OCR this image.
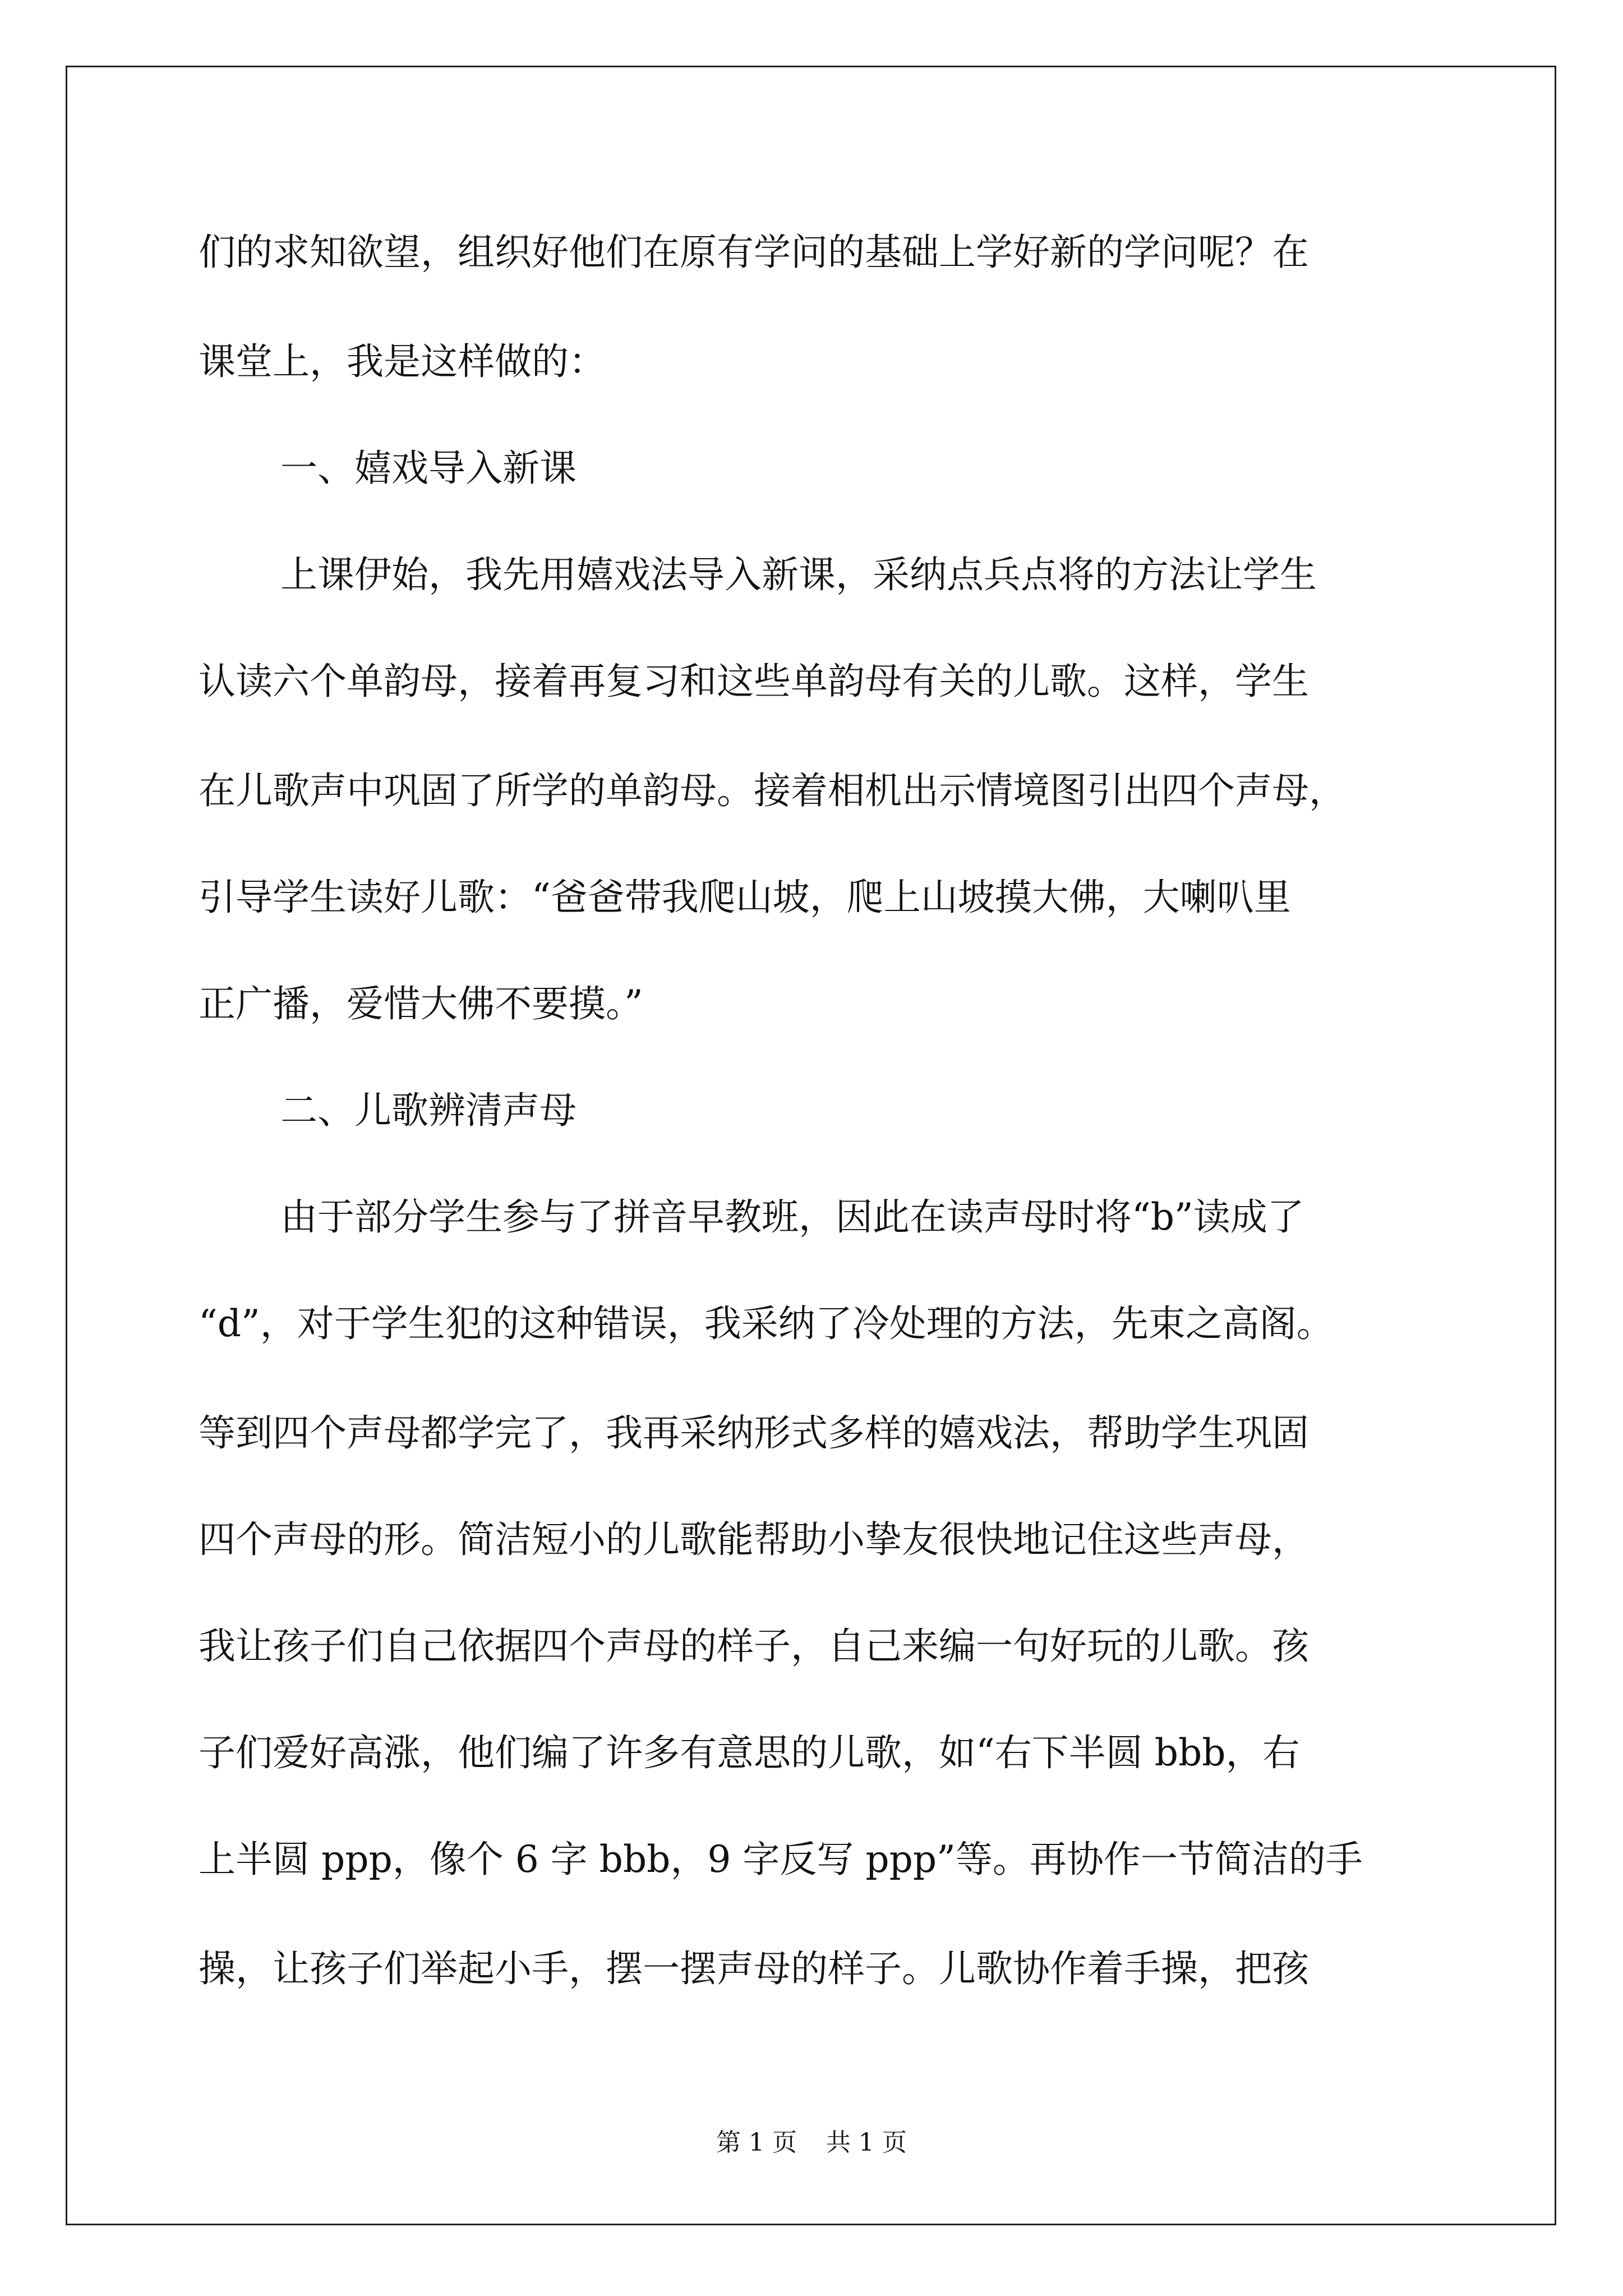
们的求知欲望，组织好他们在原有学问的基础上学好新的学问呢？在
课堂上，我是这样做的：
一、嬉戏导入新课
上课伊始，我先用嬉戏法导入新课，采纳点兵点将的方法让学生
认读六个单韵母，接着再复习和这些单韵母有关的儿歌。这样，学生
在儿歌声中巩固了所学的单韵母。接着相机出示情境图引出四个声母，
引导学生读好儿歌：“爸爸带我爬山坡，爬上山坡摸大佛，大喇叭里
正广播，爱惜大佛不要摸。”
二、儿歌辨清声母
由于部分学生参与了拼音早教班，因此在读声母时将“b”读成了
“d”，对于学生犯的这种错误，我采纳了冷处理的方法，先束之高阁。
等到四个声母都学完了，我再采纳形式多样的嬉戏法，帮助学生巩固
四个声母的形。简洁短小的儿歌能帮助小挚友很快地记住这些声母，
我让孩子们自己依据四个声母的样子，自己来编一句好玩的儿歌。孩
子们爱好高涨，他们编了许多有意思的儿歌，如“右下半圆 bbb，右
上半圆 ppp，像个 6 字 bbb，9 字反写 ppp”等。再协作一节简洁的手
操，让孩子们举起小手，摆一摆声母的样子。儿歌协作着手操，把孩
第 1 页 共 1 页
